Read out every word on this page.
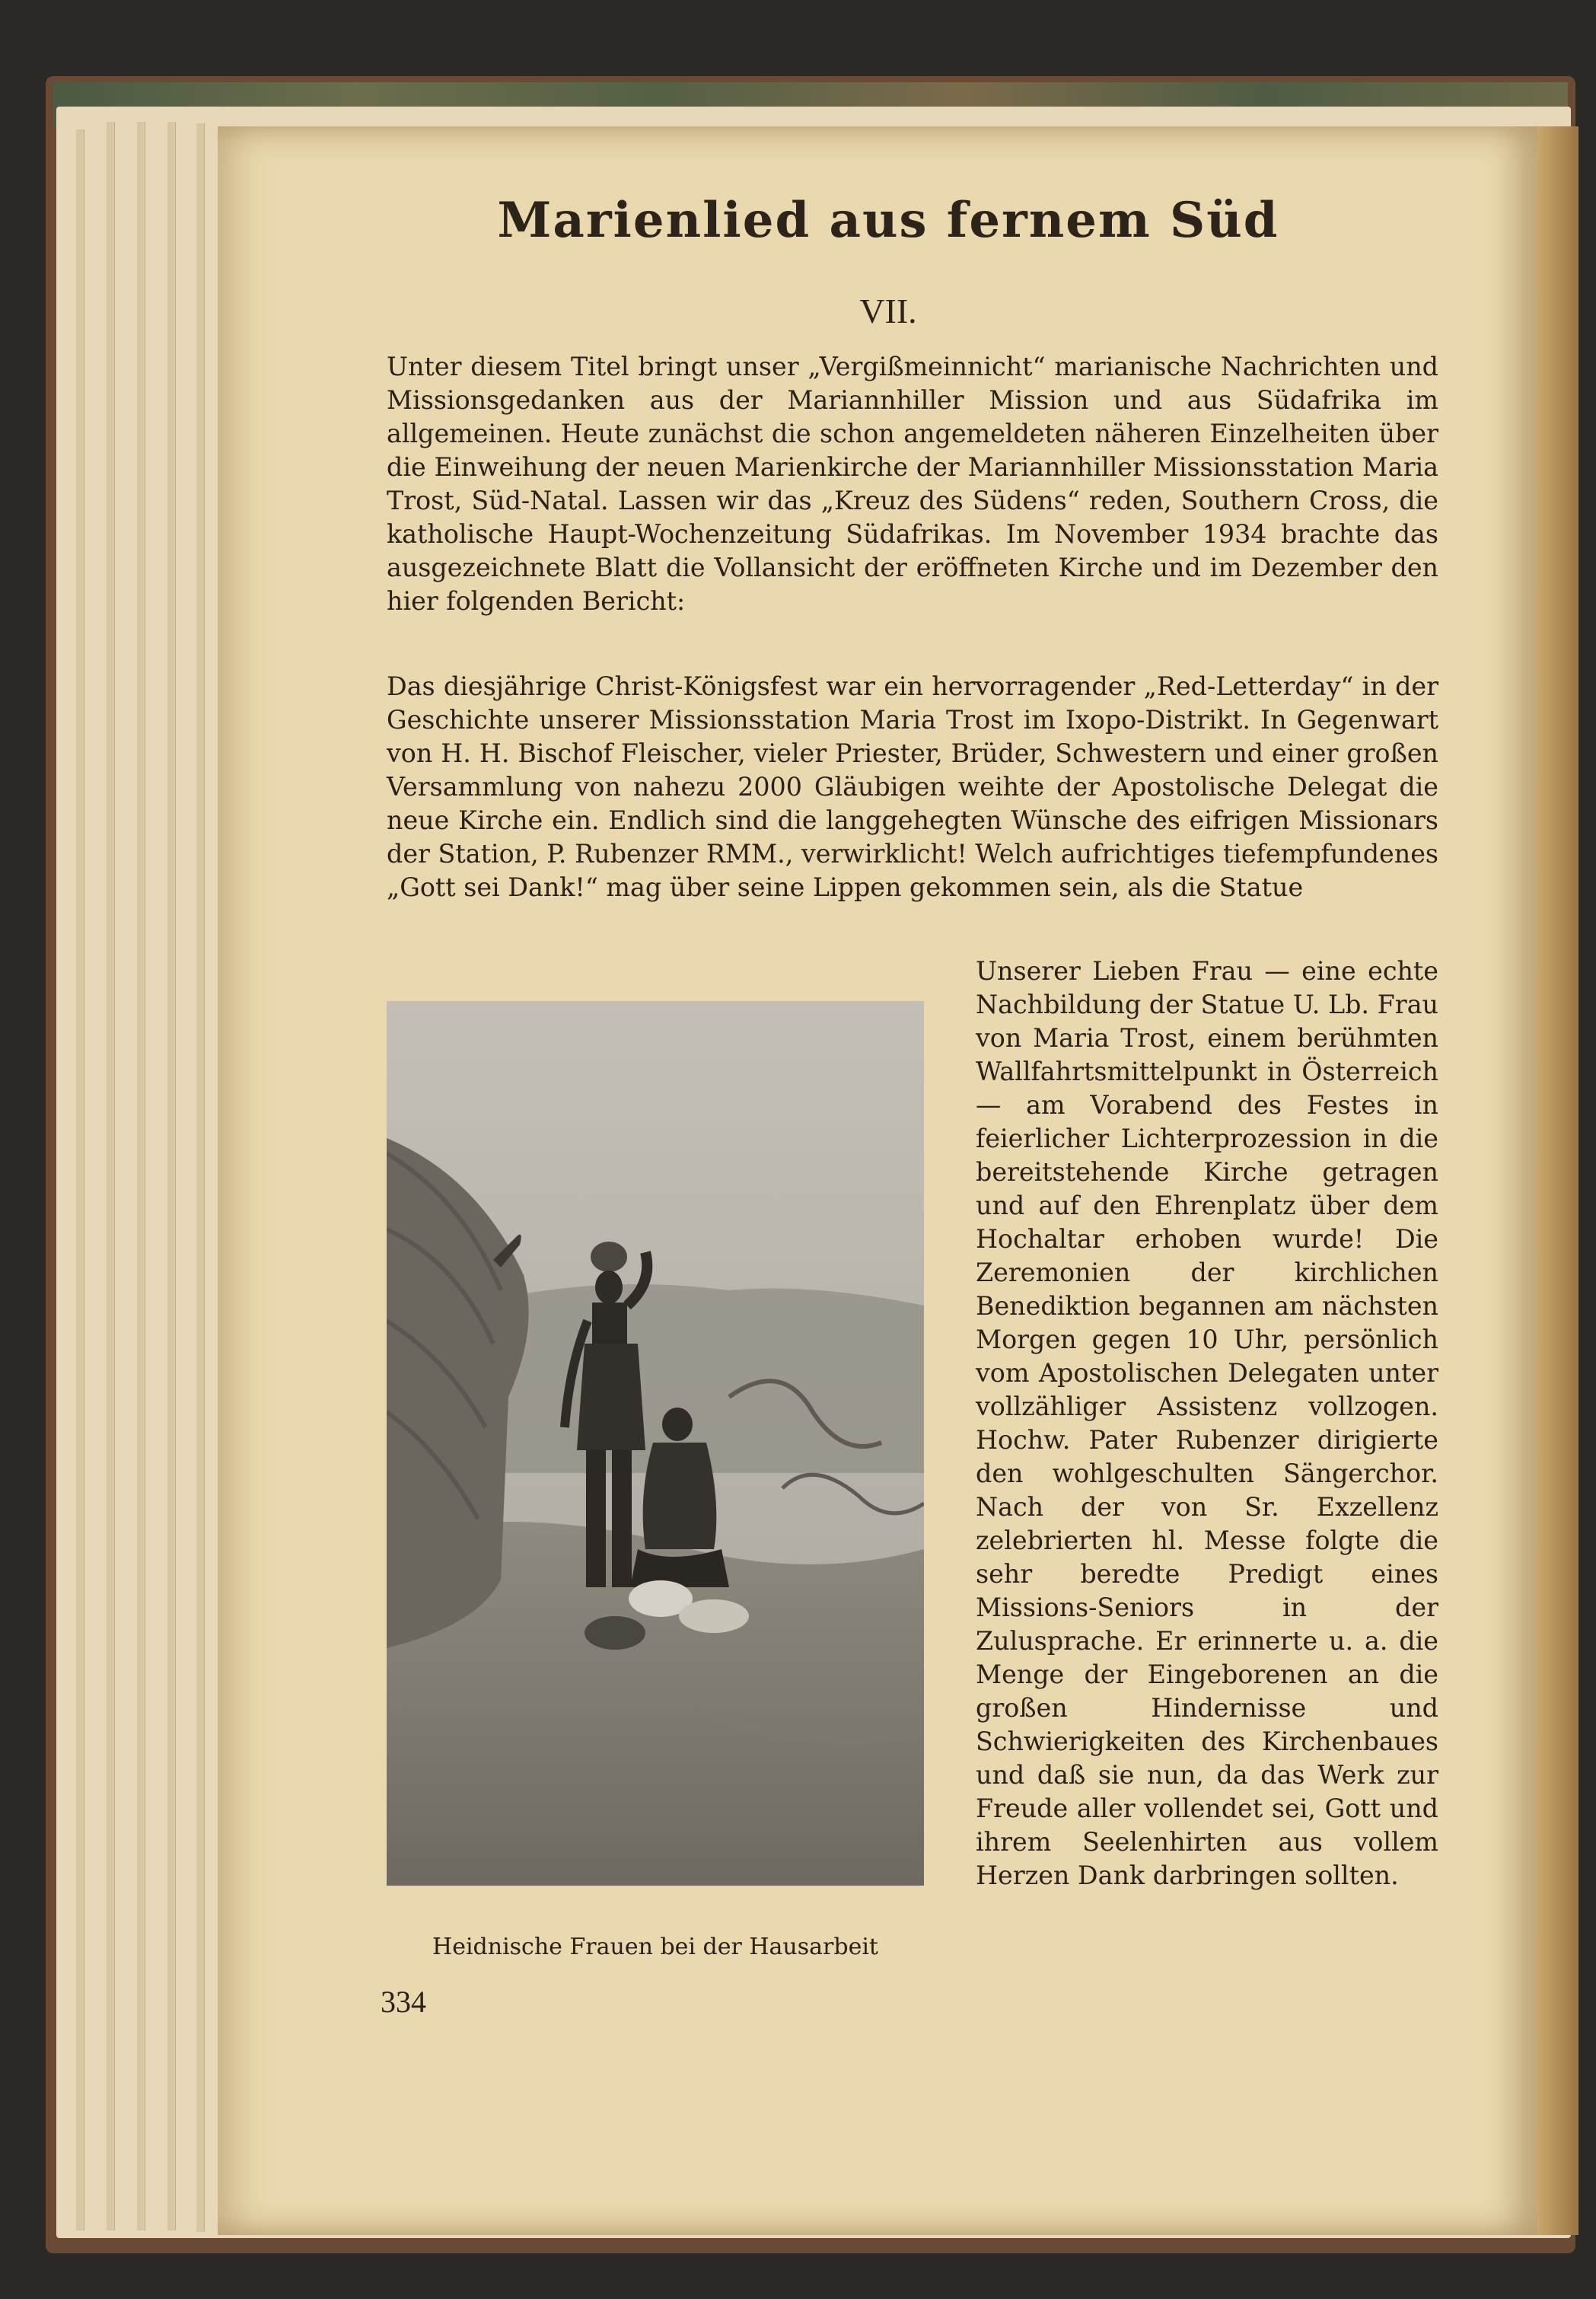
Marienlied aus fernem Süd
VII.

Unter diesem Titel bringt unser „Vergißmeinnicht“ marianische Nachrichten und Missionsgedanken aus der Mariannhiller Mission und aus Südafrika im allgemeinen. Heute zunächst die schon angemeldeten näheren Einzelheiten über die Einweihung der neuen Marienkirche der Mariannhiller Missionsstation Maria Trost, Süd-Natal. Lassen wir das „Kreuz des Südens“ reden, Southern Cross, die katholische Haupt-Wochenzeitung Südafrikas. Im November 1934 brachte das ausgezeichnete Blatt die Vollansicht der eröffneten Kirche und im Dezember den hier folgenden Bericht:

Das diesjährige Christ-Königsfest war ein hervorragender „Red-Letterday“ in der Geschichte unserer Missionsstation Maria Trost im Ixopo-Distrikt. In Gegenwart von H. H. Bischof Fleischer, vieler Priester, Brüder, Schwestern und einer großen Versammlung von nahezu 2000 Gläubigen weihte der Apostolische Delegat die neue Kirche ein. Endlich sind die langgehegten Wünsche des eifrigen Missionars der Station, P. Rubenzer RMM., verwirklicht! Welch aufrichtiges tiefempfundenes „Gott sei Dank!“ mag über seine Lippen gekommen sein, als die Statue

Unserer Lieben Frau — eine echte Nachbildung der Statue U. Lb. Frau von Maria Trost, einem berühmten Wallfahrtsmittelpunkt in Österreich — am Vorabend des Festes in feierlicher Lichterprozession in die bereitstehende Kirche getragen und auf den Ehrenplatz über dem Hochaltar erhoben wurde! Die Zeremonien der kirchlichen Benediktion begannen am nächsten Morgen gegen 10 Uhr, persönlich vom Apostolischen Delegaten unter vollzähliger Assistenz vollzogen. Hochw. Pater Rubenzer dirigierte den wohlgeschulten Sängerchor. Nach der von Sr. Exzellenz zelebrierten hl. Messe folgte die sehr beredte Predigt eines Missions-Seniors in der Zulusprache. Er erinnerte u. a. die Menge der Eingeborenen an die großen Hindernisse und Schwierigkeiten des Kirchenbaues und daß sie nun, da das Werk zur Freude aller vollendet sei, Gott und ihrem Seelenhirten aus vollem Herzen Dank darbringen sollten.

Heidnische Frauen bei der Hausarbeit
334
